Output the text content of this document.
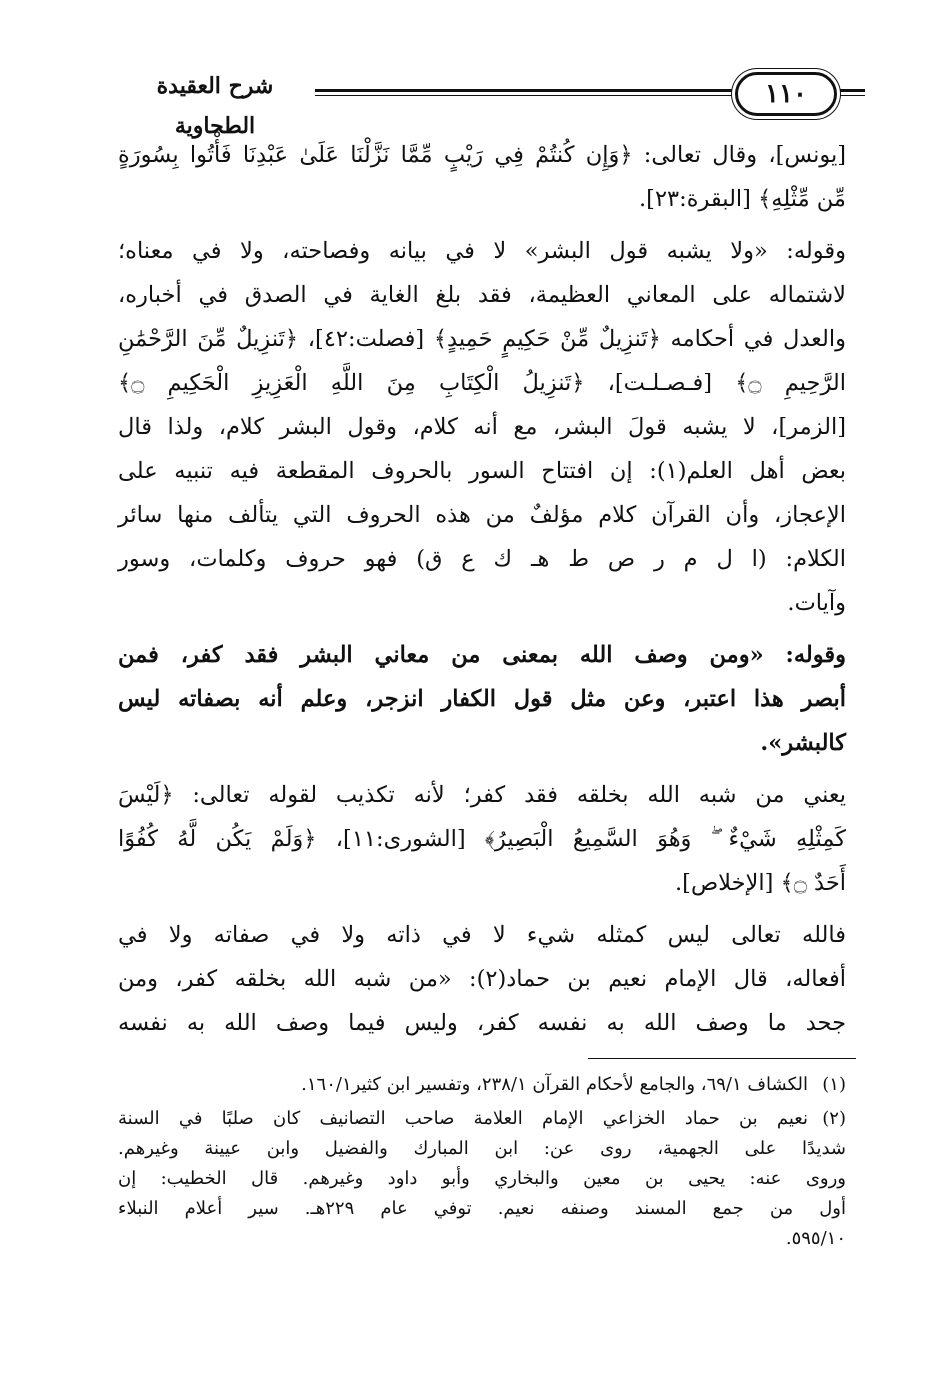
شرح العقيدة الطحاوية
١١٠
[يونس]، وقال تعالى: ﴿وَإِن كُنتُمْ فِي رَيْبٍ مِّمَّا نَزَّلْنَا عَلَىٰ عَبْدِنَا فَأْتُوا بِسُورَةٍ
مِّن مِّثْلِهِ﴾ [البقرة:٢٣].
وقوله: «ولا يشبه قول البشر» لا في بيانه وفصاحته، ولا في معناه؛
لاشتماله على المعاني العظيمة، فقد بلغ الغاية في الصدق في أخباره،
والعدل في أحكامه ﴿تَنزِيلٌ مِّنْ حَكِيمٍ حَمِيدٍ﴾ [فصلت:٤٢]، ﴿تَنزِيلٌ مِّنَ الرَّحْمَٰنِ
الرَّحِيمِ ۝﴾ [فـصـلـت]، ﴿تَنزِيلُ الْكِتَابِ مِنَ اللَّهِ الْعَزِيزِ الْحَكِيمِ ۝﴾
[الزمر]، لا يشبه قولَ البشر، مع أنه كلام، وقول البشر كلام، ولذا قال
بعض أهل العلم(١): إن افتتاح السور بالحروف المقطعة فيه تنبيه على
الإعجاز، وأن القرآن كلام مؤلفٌ من هذه الحروف التي يتألف منها سائر
الكلام: (ا ل م ر ص ط هـ ك ع ق) فهو حروف وكلمات، وسور
وآيات.
وقوله: «ومن وصف الله بمعنى من معاني البشر فقد كفر، فمن
أبصر هذا اعتبر، وعن مثل قول الكفار انزجر، وعلم أنه بصفاته ليس
كالبشر».
يعني من شبه الله بخلقه فقد كفر؛ لأنه تكذيب لقوله تعالى: ﴿لَيْسَ
كَمِثْلِهِ شَيْءٌ ۖ وَهُوَ السَّمِيعُ الْبَصِيرُ﴾ [الشورى:١١]، ﴿وَلَمْ يَكُن لَّهُ كُفُوًا
أَحَدٌ ۝﴾ [الإخلاص].
فالله تعالى ليس كمثله شيء لا في ذاته ولا في صفاته ولا في
أفعاله، قال الإمام نعيم بن حماد(٢): «من شبه الله بخلقه كفر، ومن
جحد ما وصف الله به نفسه كفر، وليس فيما وصف الله به نفسه
(١)الكشاف ٦٩/١، والجامع لأحكام القرآن ٢٣٨/١، وتفسير ابن كثير١٦٠/١.
(٢)نعيم بن حماد الخزاعي الإمام العلامة صاحب التصانيف كان صلبًا في السنة
شديدًا على الجهمية، روى عن: ابن المبارك والفضيل وابن عيينة وغيرهم.
وروى عنه: يحيى بن معين والبخاري وأبو داود وغيرهم. قال الخطيب: إن
أول من جمع المسند وصنفه نعيم. توفي عام ٢٢٩هـ. سير أعلام النبلاء
٥٩٥/١٠.
